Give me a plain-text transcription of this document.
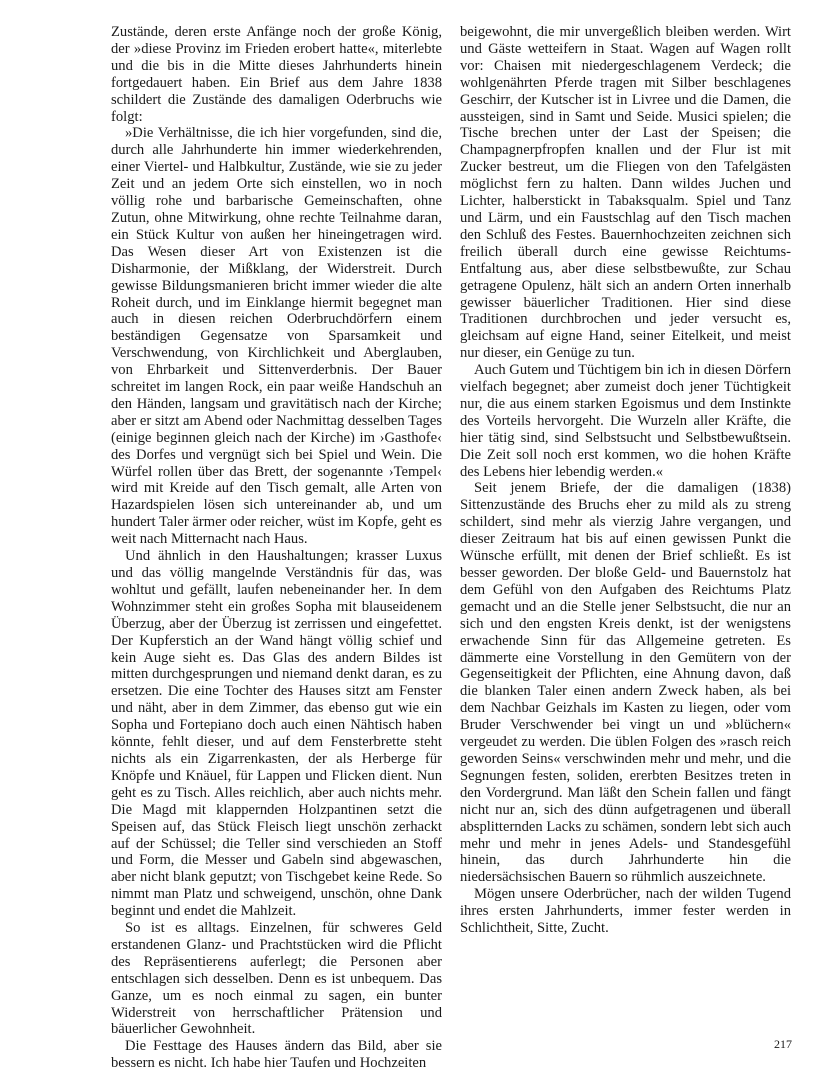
Zustände, deren erste Anfänge noch der große König, der »diese Provinz im Frieden erobert hatte«, miterlebte und die bis in die Mitte dieses Jahrhunderts hinein fortgedauert haben. Ein Brief aus dem Jahre 1838 schildert die Zustände des damaligen Oderbruchs wie folgt:

»Die Verhältnisse, die ich hier vorgefunden, sind die, durch alle Jahrhunderte hin immer wiederkehrenden, einer Viertel- und Halbkultur, Zustände, wie sie zu jeder Zeit und an jedem Orte sich einstellen, wo in noch völlig rohe und barbarische Gemeinschaften, ohne Zutun, ohne Mitwirkung, ohne rechte Teilnahme daran, ein Stück Kultur von außen her hineingetragen wird. Das Wesen dieser Art von Existenzen ist die Disharmonie, der Mißklang, der Widerstreit. Durch gewisse Bildungsmanieren bricht immer wieder die alte Roheit durch, und im Einklange hiermit begegnet man auch in diesen reichen Oderbruchdörfern einem beständigen Gegensatze von Sparsamkeit und Verschwendung, von Kirchlichkeit und Aberglauben, von Ehrbarkeit und Sittenverderbnis. Der Bauer schreitet im langen Rock, ein paar weiße Handschuh an den Händen, langsam und gravitätisch nach der Kirche; aber er sitzt am Abend oder Nachmittag desselben Tages (einige beginnen gleich nach der Kirche) im ›Gasthofe‹ des Dorfes und vergnügt sich bei Spiel und Wein. Die Würfel rollen über das Brett, der sogenannte ›Tempel‹ wird mit Kreide auf den Tisch gemalt, alle Arten von Hazardspielen lösen sich untereinander ab, und um hundert Taler ärmer oder reicher, wüst im Kopfe, geht es weit nach Mitternacht nach Haus.

Und ähnlich in den Haushaltungen; krasser Luxus und das völlig mangelnde Verständnis für das, was wohltut und gefällt, laufen nebeneinander her. In dem Wohnzimmer steht ein großes Sopha mit blauseidenem Überzug, aber der Überzug ist zerrissen und eingefettet. Der Kupferstich an der Wand hängt völlig schief und kein Auge sieht es. Das Glas des andern Bildes ist mitten durchgesprungen und niemand denkt daran, es zu ersetzen. Die eine Tochter des Hauses sitzt am Fenster und näht, aber in dem Zimmer, das ebenso gut wie ein Sopha und Fortepiano doch auch einen Nähtisch haben könnte, fehlt dieser, und auf dem Fensterbrette steht nichts als ein Zigarrenkasten, der als Herberge für Knöpfe und Knäuel, für Lappen und Flicken dient. Nun geht es zu Tisch. Alles reichlich, aber auch nichts mehr. Die Magd mit klappernden Holzpantinen setzt die Speisen auf, das Stück Fleisch liegt unschön zerhackt auf der Schüssel; die Teller sind verschieden an Stoff und Form, die Messer und Gabeln sind abgewaschen, aber nicht blank geputzt; von Tischgebet keine Rede. So nimmt man Platz und schweigend, unschön, ohne Dank beginnt und endet die Mahlzeit.

So ist es alltags. Einzelnen, für schweres Geld erstandenen Glanz- und Prachtstücken wird die Pflicht des Repräsentierens auferlegt; die Personen aber entschlagen sich desselben. Denn es ist unbequem. Das Ganze, um es noch einmal zu sagen, ein bunter Widerstreit von herrschaftlicher Prätension und bäuerlicher Gewohnheit.

Die Festtage des Hauses ändern das Bild, aber sie bessern es nicht. Ich habe hier Taufen und Hochzeiten

beigewohnt, die mir unvergeßlich bleiben werden. Wirt und Gäste wetteifern in Staat. Wagen auf Wagen rollt vor: Chaisen mit niedergeschlagenem Verdeck; die wohlgenährten Pferde tragen mit Silber beschlagenes Geschirr, der Kutscher ist in Livree und die Damen, die aussteigen, sind in Samt und Seide. Musici spielen; die Tische brechen unter der Last der Speisen; die Champagnerpfropfen knallen und der Flur ist mit Zucker bestreut, um die Fliegen von den Tafelgästen möglichst fern zu halten. Dann wildes Juchen und Lichter, halberstickt in Tabaksqualm. Spiel und Tanz und Lärm, und ein Faustschlag auf den Tisch machen den Schluß des Festes. Bauernhochzeiten zeichnen sich freilich überall durch eine gewisse Reichtums-Entfaltung aus, aber diese selbstbewußte, zur Schau getragene Opulenz, hält sich an andern Orten innerhalb gewisser bäuerlicher Traditionen. Hier sind diese Traditionen durchbrochen und jeder versucht es, gleichsam auf eigne Hand, seiner Eitelkeit, und meist nur dieser, ein Genüge zu tun.

Auch Gutem und Tüchtigem bin ich in diesen Dörfern vielfach begegnet; aber zumeist doch jener Tüchtigkeit nur, die aus einem starken Egoismus und dem Instinkte des Vorteils hervorgeht. Die Wurzeln aller Kräfte, die hier tätig sind, sind Selbstsucht und Selbstbewußtsein. Die Zeit soll noch erst kommen, wo die hohen Kräfte des Lebens hier lebendig werden.«

Seit jenem Briefe, der die damaligen (1838) Sittenzustände des Bruchs eher zu mild als zu streng schildert, sind mehr als vierzig Jahre vergangen, und dieser Zeitraum hat bis auf einen gewissen Punkt die Wünsche erfüllt, mit denen der Brief schließt. Es ist besser geworden. Der bloße Geld- und Bauernstolz hat dem Gefühl von den Aufgaben des Reichtums Platz gemacht und an die Stelle jener Selbstsucht, die nur an sich und den engsten Kreis denkt, ist der wenigstens erwachende Sinn für das Allgemeine getreten. Es dämmerte eine Vorstellung in den Gemütern von der Gegenseitigkeit der Pflichten, eine Ahnung davon, daß die blanken Taler einen andern Zweck haben, als bei dem Nachbar Geizhals im Kasten zu liegen, oder vom Bruder Verschwender bei vingt un und »blüchern« vergeudet zu werden. Die üblen Folgen des »rasch reich geworden Seins« verschwinden mehr und mehr, und die Segnungen festen, soliden, ererbten Besitzes treten in den Vordergrund. Man läßt den Schein fallen und fängt nicht nur an, sich des dünn aufgetragenen und überall absplitternden Lacks zu schämen, sondern lebt sich auch mehr und mehr in jenes Adels- und Standesgefühl hinein, das durch Jahrhunderte hin die niedersächsischen Bauern so rühmlich auszeichnete.

Mögen unsere Oderbrücher, nach der wilden Tugend ihres ersten Jahrhunderts, immer fester werden in Schlichtheit, Sitte, Zucht.

217
